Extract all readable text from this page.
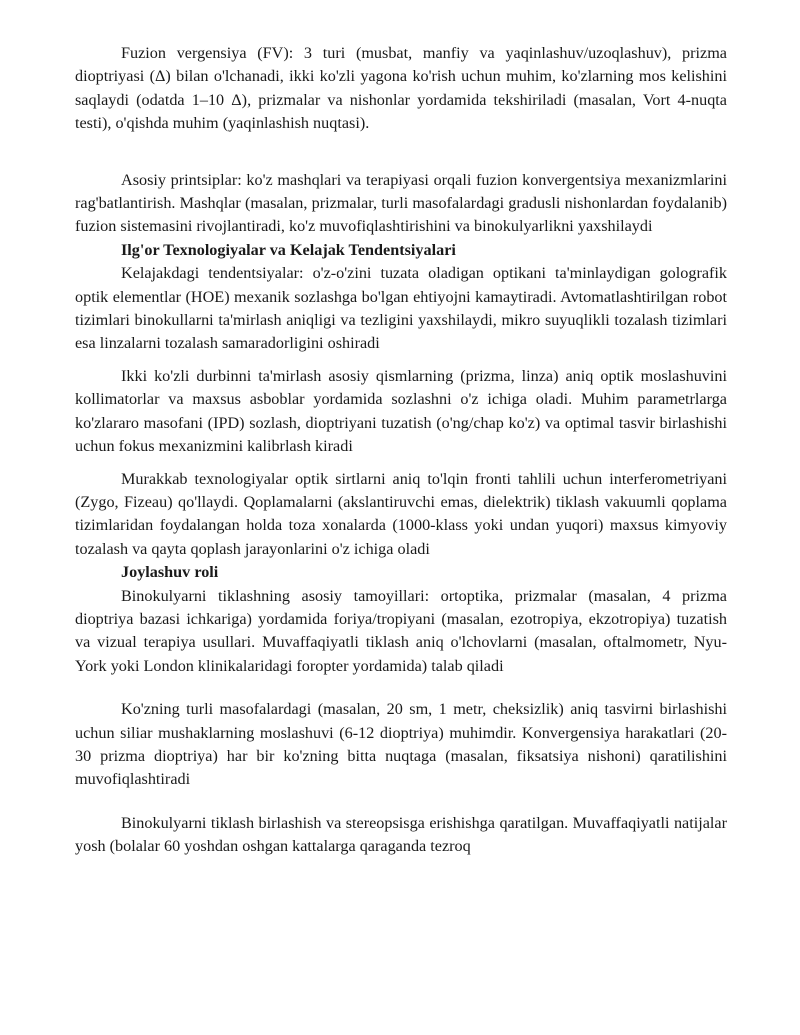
Fuzion vergensiya (FV): 3 turi (musbat, manfiy va yaqinlashuv/uzoqlashuv), prizma dioptriyasi (Δ) bilan o'lchanadi, ikki ko'zli yagona ko'rish uchun muhim, ko'zlarning mos kelishini saqlaydi (odatda 1–10 Δ), prizmalar va nishonlar yordamida tekshiriladi (masalan, Vort 4-nuqta testi), o'qishda muhim (yaqinlashish nuqtasi).

Asosiy printsiplar: ko'z mashqlari va terapiyasi orqali fuzion konvergentsiya mexanizmlarini rag'batlantirish. Mashqlar (masalan, prizmalar, turli masofalardagi gradusli nishonlardan foydalanib) fuzion sistemasini rivojlantiradi, ko'z muvofiqlashtirishini va binokulyarlikni yaxshilaydi

Ilg'or Texnologiyalar va Kelajak Tendentsiyalari

Kelajakdagi tendentsiyalar: o'z-o'zini tuzata oladigan optikani ta'minlaydigan golografik optik elementlar (HOE) mexanik sozlashga bo'lgan ehtiyojni kamaytiradi. Avtomatlashtirilgan robot tizimlari binokullarni ta'mirlash aniqligi va tezligini yaxshilaydi, mikro suyuqlikli tozalash tizimlari esa linzalarni tozalash samaradorligini oshiradi

Ikki ko'zli durbinni ta'mirlash asosiy qismlarning (prizma, linza) aniq optik moslashuvini kollimatorlar va maxsus asboblar yordamida sozlashni o'z ichiga oladi. Muhim parametrlarga ko'zlararo masofani (IPD) sozlash, dioptriyani tuzatish (o'ng/chap ko'z) va optimal tasvir birlashishi uchun fokus mexanizmini kalibrlash kiradi

Murakkab texnologiyalar optik sirtlarni aniq to'lqin fronti tahlili uchun interferometriyani (Zygo, Fizeau) qo'llaydi. Qoplamalarni (akslantiruvchi emas, dielektrik) tiklash vakuumli qoplama tizimlaridan foydalangan holda toza xonalarda (1000-klass yoki undan yuqori) maxsus kimyoviy tozalash va qayta qoplash jarayonlarini o'z ichiga oladi

Joylashuv roli

Binokulyarni tiklashning asosiy tamoyillari: ortoptika, prizmalar (masalan, 4 prizma dioptriya bazasi ichkariga) yordamida foriya/tropiyani (masalan, ezotropiya, ekzotropiya) tuzatish va vizual terapiya usullari. Muvaffaqiyatli tiklash aniq o'lchovlarni (masalan, oftalmometr, Nyu-York yoki London klinikalaridagi foropter yordamida) talab qiladi

Ko'zning turli masofalardagi (masalan, 20 sm, 1 metr, cheksizlik) aniq tasvirni birlashishi uchun siliar mushaklarning moslashuvi (6-12 dioptriya) muhimdir. Konvergensiya harakatlari (20-30 prizma dioptriya) har bir ko'zning bitta nuqtaga (masalan, fiksatsiya nishoni) qaratilishini muvofiqlashtiradi

Binokulyarni tiklash birlashish va stereopsisga erishishga qaratilgan. Muvaffaqiyatli natijalar yosh (bolalar 60 yoshdan oshgan kattalarga qaraganda tezroq
